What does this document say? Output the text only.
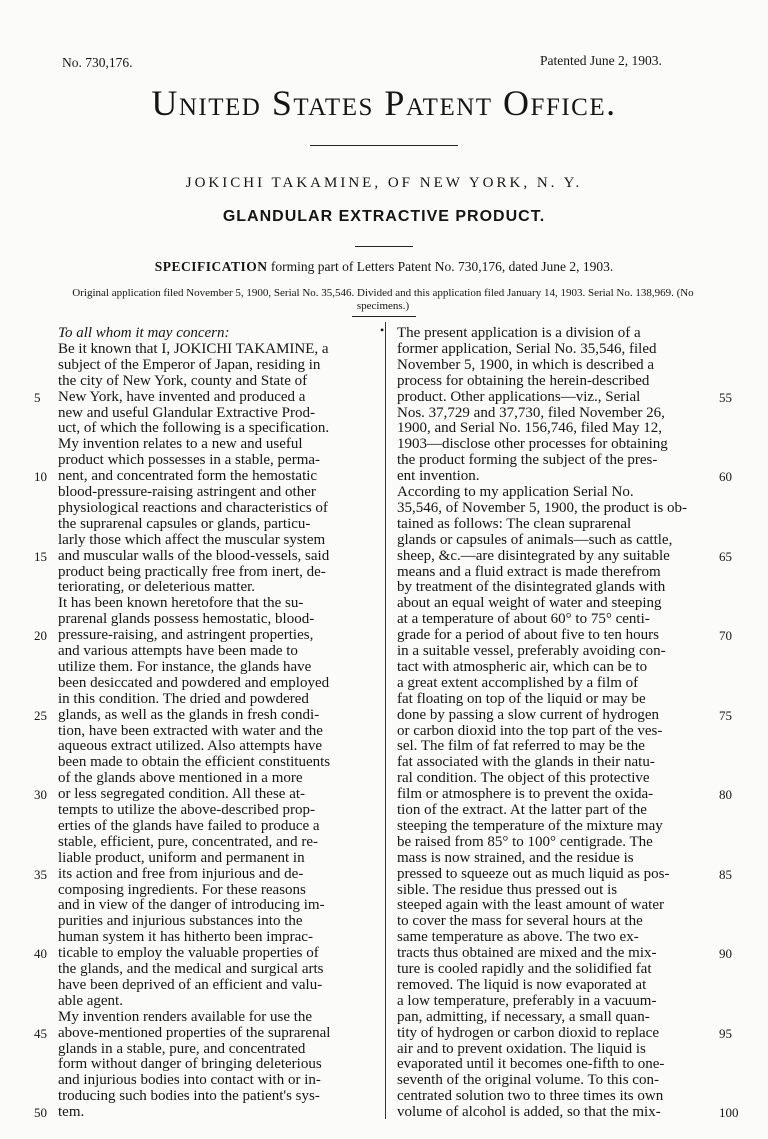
No. 730,176.	Patented June 2, 1903.
United States Patent Office.
JOKICHI TAKAMINE, OF NEW YORK, N. Y.
GLANDULAR EXTRACTIVE PRODUCT.
SPECIFICATION forming part of Letters Patent No. 730,176, dated June 2, 1903.
Original application filed November 5, 1900, Serial No. 35,546. Divided and this application filed January 14, 1903. Serial No. 138,969. (No specimens.)
•
To all whom it may concern:
Be it known that I, JOKICHI TAKAMINE, a
subject of the Emperor of Japan, residing in
the city of New York, county and State of
New York, have invented and produced a
new and useful Glandular Extractive Prod-
uct, of which the following is a specification.
My invention relates to a new and useful
product which possesses in a stable, perma-
nent, and concentrated form the hemostatic
blood-pressure-raising astringent and other
physiological reactions and characteristics of
the suprarenal capsules or glands, particu-
larly those which affect the muscular system
and muscular walls of the blood-vessels, said
product being practically free from inert, de-
teriorating, or deleterious matter.
It has been known heretofore that the su-
prarenal glands possess hemostatic, blood-
pressure-raising, and astringent properties,
and various attempts have been made to
utilize them. For instance, the glands have
been desiccated and powdered and employed
in this condition. The dried and powdered
glands, as well as the glands in fresh condi-
tion, have been extracted with water and the
aqueous extract utilized. Also attempts have
been made to obtain the efficient constituents
of the glands above mentioned in a more
or less segregated condition. All these at-
tempts to utilize the above-described prop-
erties of the glands have failed to produce a
stable, efficient, pure, concentrated, and re-
liable product, uniform and permanent in
its action and free from injurious and de-
composing ingredients. For these reasons
and in view of the danger of introducing im-
purities and injurious substances into the
human system it has hitherto been imprac-
ticable to employ the valuable properties of
the glands, and the medical and surgical arts
have been deprived of an efficient and valu-
able agent.
My invention renders available for use the
above-mentioned properties of the suprarenal
glands in a stable, pure, and concentrated
form without danger of bringing deleterious
and injurious bodies into contact with or in-
troducing such bodies into the patient's sys-
tem.
The present application is a division of a
former application, Serial No. 35,546, filed
November 5, 1900, in which is described a
process for obtaining the herein-described
product. Other applications—viz., Serial
Nos. 37,729 and 37,730, filed November 26,
1900, and Serial No. 156,746, filed May 12,
1903—disclose other processes for obtaining
the product forming the subject of the pres-
ent invention.
According to my application Serial No.
35,546, of November 5, 1900, the product is ob-
tained as follows: The clean suprarenal
glands or capsules of animals—such as cattle,
sheep, &c.—are disintegrated by any suitable
means and a fluid extract is made therefrom
by treatment of the disintegrated glands with
about an equal weight of water and steeping
at a temperature of about 60° to 75° centi-
grade for a period of about five to ten hours
in a suitable vessel, preferably avoiding con-
tact with atmospheric air, which can be to
a great extent accomplished by a film of
fat floating on top of the liquid or may be
done by passing a slow current of hydrogen
or carbon dioxid into the top part of the ves-
sel. The film of fat referred to may be the
fat associated with the glands in their natu-
ral condition. The object of this protective
film or atmosphere is to prevent the oxida-
tion of the extract. At the latter part of the
steeping the temperature of the mixture may
be raised from 85° to 100° centigrade. The
mass is now strained, and the residue is
pressed to squeeze out as much liquid as pos-
sible. The residue thus pressed out is
steeped again with the least amount of water
to cover the mass for several hours at the
same temperature as above. The two ex-
tracts thus obtained are mixed and the mix-
ture is cooled rapidly and the solidified fat
removed. The liquid is now evaporated at
a low temperature, preferably in a vacuum-
pan, admitting, if necessary, a small quan-
tity of hydrogen or carbon dioxid to replace
air and to prevent oxidation. The liquid is
evaporated until it becomes one-fifth to one-
seventh of the original volume. To this con-
centrated solution two to three times its own
volume of alcohol is added, so that the mix-
5
10
15
20
25
30
35
40
45
50
55
60
65
70
75
80
85
90
95
100
